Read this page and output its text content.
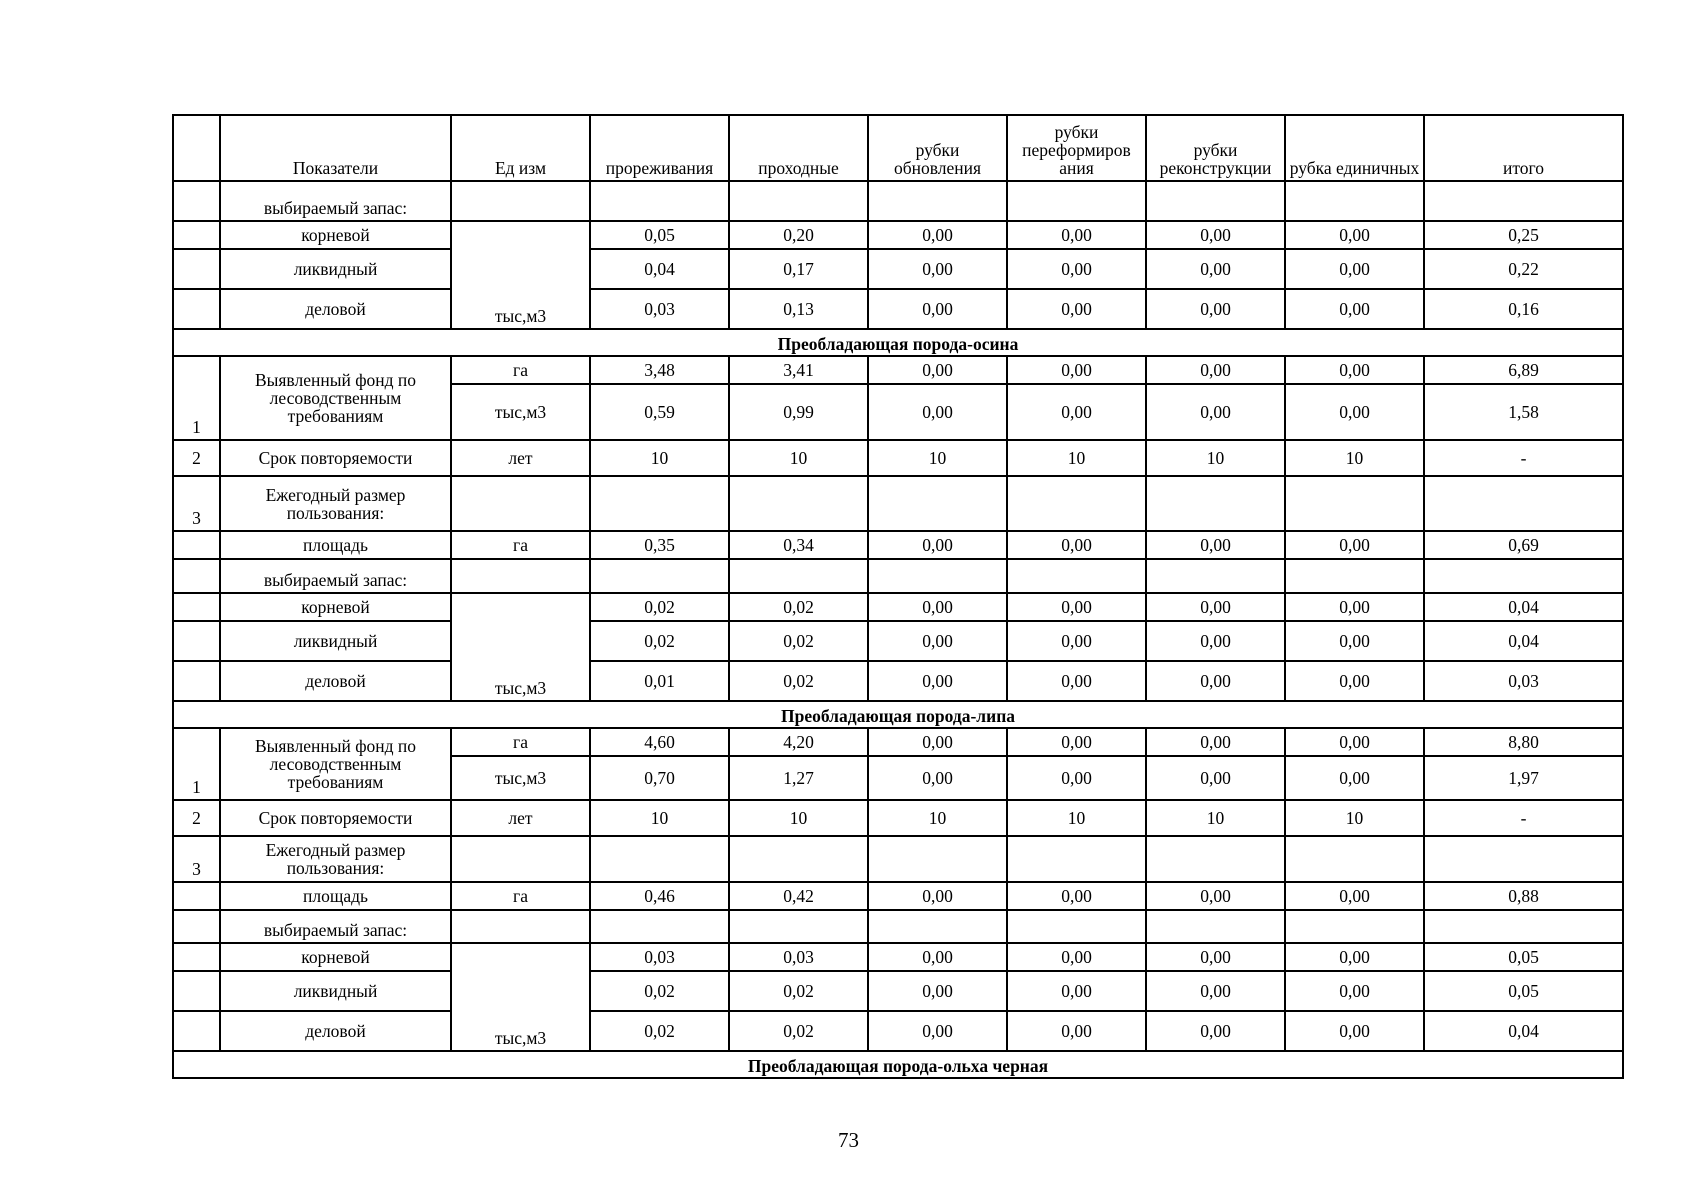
	Показатели	Ед изм	прореживания	проходные	рубки обновления	рубки переформиров ания	рубки реконструкции	рубка единичных	итого
	выбираемый запас:								
	корневой	тыс,м3	0,05	0,20	0,00	0,00	0,00	0,00	0,25
	ликвидный		0,04	0,17	0,00	0,00	0,00	0,00	0,22
	деловой		0,03	0,13	0,00	0,00	0,00	0,00	0,16
Преобладающая порода-осина									
1	Выявленный фонд по лесоводственным требованиям	га	3,48	3,41	0,00	0,00	0,00	0,00	6,89
		тыс,м3	0,59	0,99	0,00	0,00	0,00	0,00	1,58
2	Срок повторяемости	лет	10	10	10	10	10	10	-
3	Ежегодный размер пользования:								
	площадь	га	0,35	0,34	0,00	0,00	0,00	0,00	0,69
	выбираемый запас:								
	корневой	тыс,м3	0,02	0,02	0,00	0,00	0,00	0,00	0,04
	ликвидный		0,02	0,02	0,00	0,00	0,00	0,00	0,04
	деловой		0,01	0,02	0,00	0,00	0,00	0,00	0,03
Преобладающая порода-липа									
1	Выявленный фонд по лесоводственным требованиям	га	4,60	4,20	0,00	0,00	0,00	0,00	8,80
		тыс,м3	0,70	1,27	0,00	0,00	0,00	0,00	1,97
2	Срок повторяемости	лет	10	10	10	10	10	10	-
3	Ежегодный размер пользования:								
	площадь	га	0,46	0,42	0,00	0,00	0,00	0,00	0,88
	выбираемый запас:								
	корневой	тыс,м3	0,03	0,03	0,00	0,00	0,00	0,00	0,05
	ликвидный		0,02	0,02	0,00	0,00	0,00	0,00	0,05
	деловой		0,02	0,02	0,00	0,00	0,00	0,00	0,04
Преобладающая порода-ольха черная									
73
